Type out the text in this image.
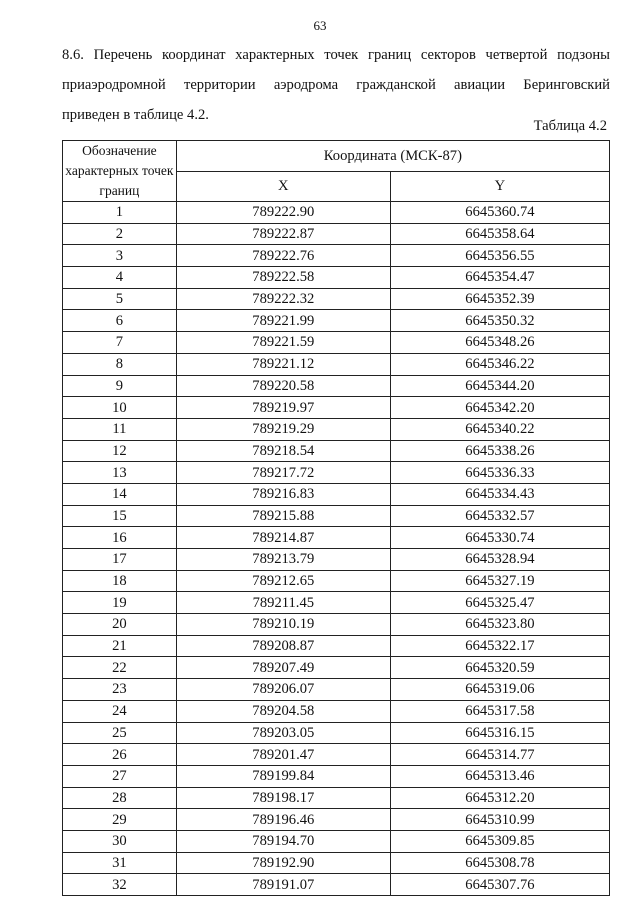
63
8.6. Перечень координат характерных точек границ секторов четвертой подзоны
приаэродромной территории аэродрома гражданской авиации Беринговский
приведен в таблице 4.2.
Таблица 4.2
Обозначение характерных точек границ	Координата (МСК-87)	
	X	Y
1	789222.90	6645360.74
2	789222.87	6645358.64
3	789222.76	6645356.55
4	789222.58	6645354.47
5	789222.32	6645352.39
6	789221.99	6645350.32
7	789221.59	6645348.26
8	789221.12	6645346.22
9	789220.58	6645344.20
10	789219.97	6645342.20
11	789219.29	6645340.22
12	789218.54	6645338.26
13	789217.72	6645336.33
14	789216.83	6645334.43
15	789215.88	6645332.57
16	789214.87	6645330.74
17	789213.79	6645328.94
18	789212.65	6645327.19
19	789211.45	6645325.47
20	789210.19	6645323.80
21	789208.87	6645322.17
22	789207.49	6645320.59
23	789206.07	6645319.06
24	789204.58	6645317.58
25	789203.05	6645316.15
26	789201.47	6645314.77
27	789199.84	6645313.46
28	789198.17	6645312.20
29	789196.46	6645310.99
30	789194.70	6645309.85
31	789192.90	6645308.78
32	789191.07	6645307.76
